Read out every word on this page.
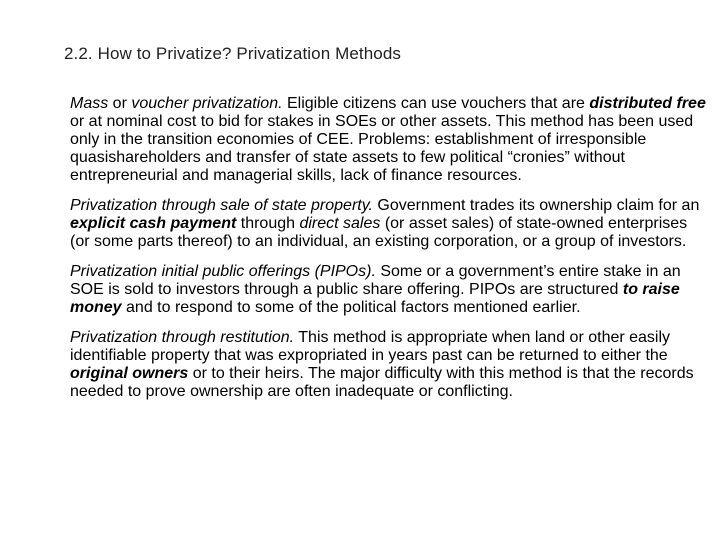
2.2. How to Privatize? Privatization Methods

Mass or voucher privatization. Eligible citizens can use vouchers that are distributed free or at nominal cost to bid for stakes in SOEs or other assets. This method has been used only in the transition economies of CEE. Problems: establishment of irresponsible quasishareholders and transfer of state assets to few political “cronies” without entrepreneurial and managerial skills, lack of finance resources.

Privatization through sale of state property. Government trades its ownership claim for an explicit cash payment through direct sales (or asset sales) of state-owned enterprises (or some parts thereof) to an individual, an existing corporation, or a group of investors.

Privatization initial public offerings (PIPOs). Some or a government’s entire stake in an SOE is sold to investors through a public share offering. PIPOs are structured to raise money and to respond to some of the political factors mentioned earlier.

Privatization through restitution. This method is appropriate when land or other easily identifiable property that was expropriated in years past can be returned to either the original owners or to their heirs. The major difficulty with this method is that the records needed to prove ownership are often inadequate or conflicting.
